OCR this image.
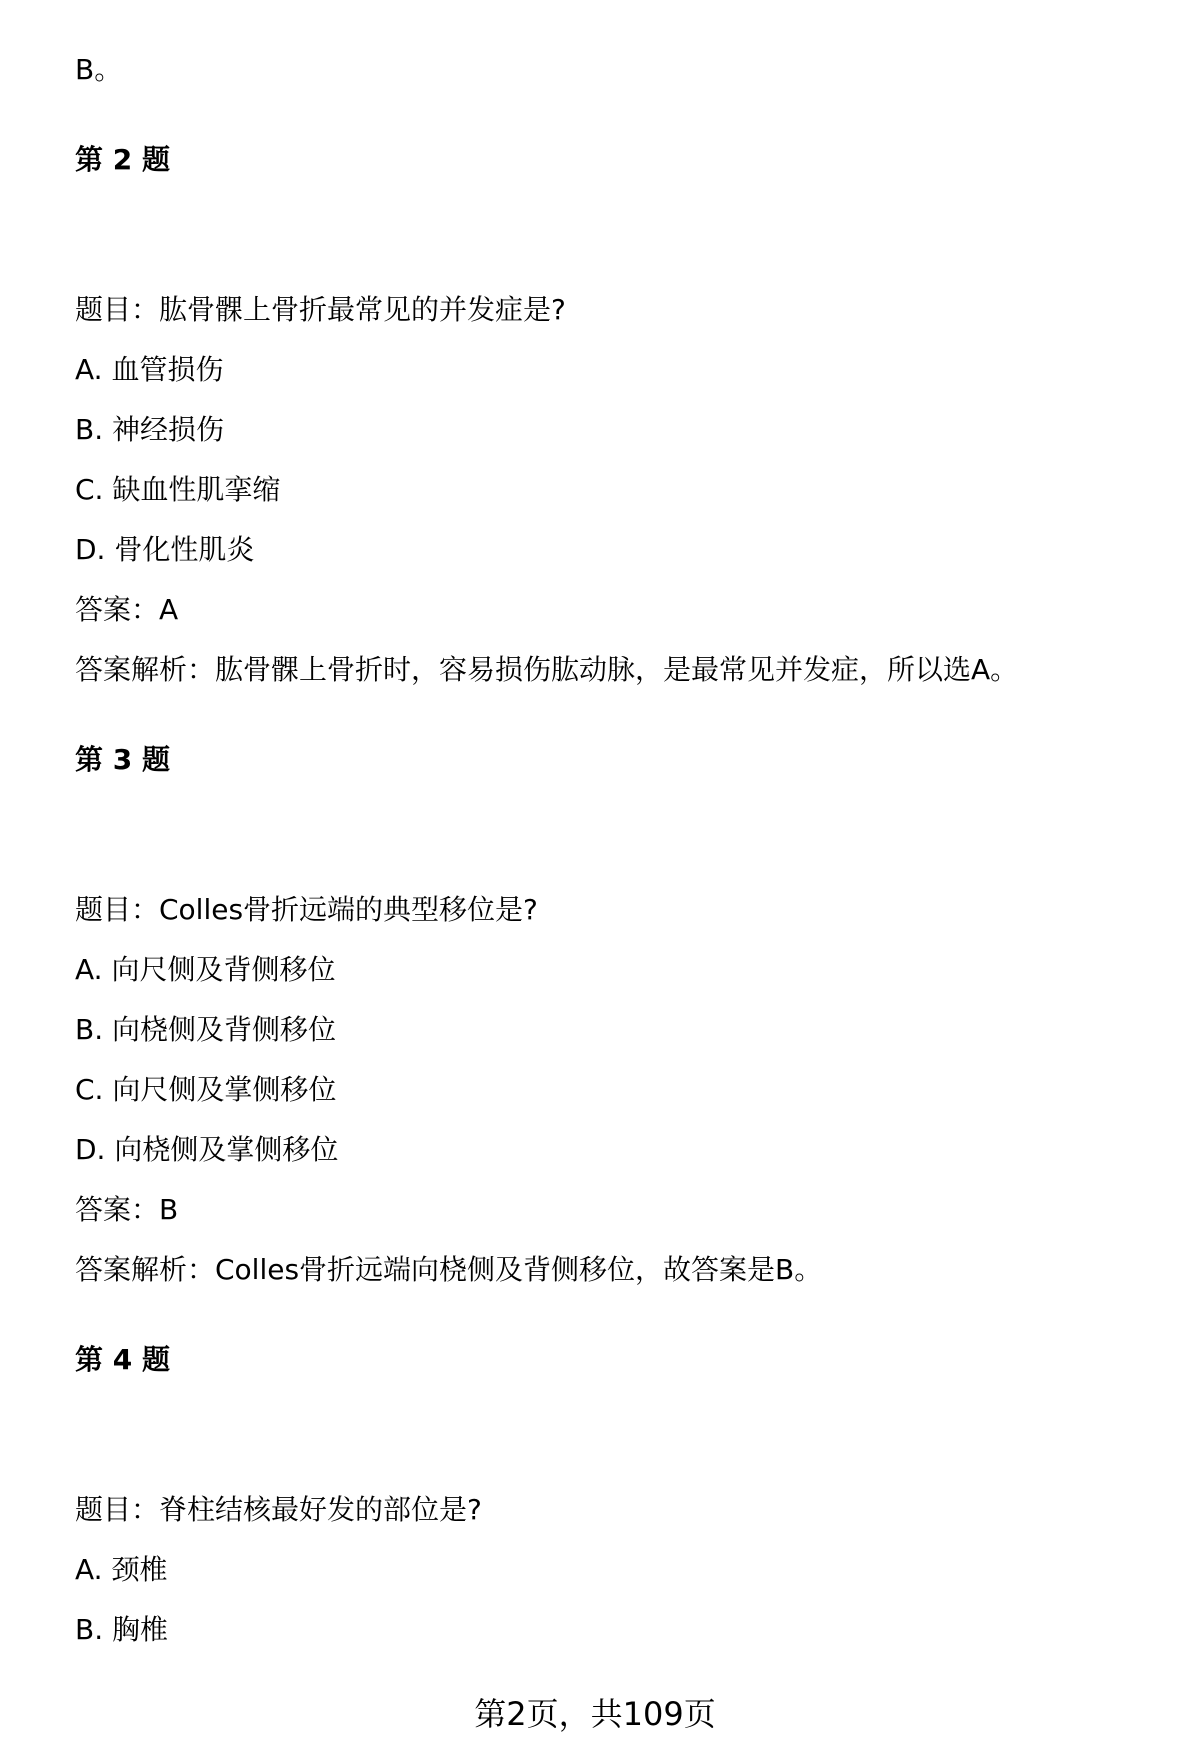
B。
第 2 题
题目：肱骨髁上骨折最常见的并发症是?
A. 血管损伤
B. 神经损伤
C. 缺血性肌挛缩
D. 骨化性肌炎
答案：A
答案解析：肱骨髁上骨折时，容易损伤肱动脉，是最常见并发症，所以选A。
第 3 题
题目：Colles骨折远端的典型移位是?
A. 向尺侧及背侧移位
B. 向桡侧及背侧移位
C. 向尺侧及掌侧移位
D. 向桡侧及掌侧移位
答案：B
答案解析：Colles骨折远端向桡侧及背侧移位，故答案是B。
第 4 题
题目：脊柱结核最好发的部位是?
A. 颈椎
B. 胸椎
第2页，共109页
